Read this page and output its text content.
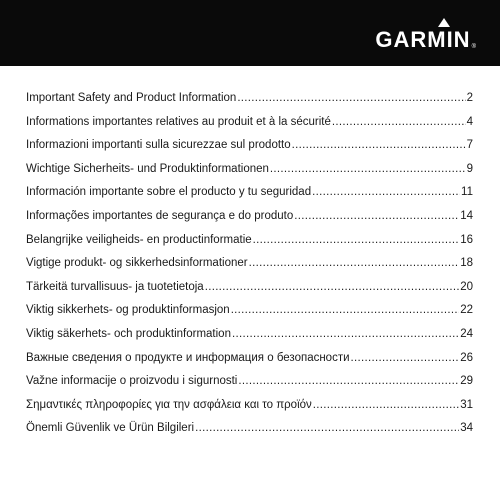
GARMIN ®
Important Safety and Product Information .....	2
Informations importantes relatives au produit et à la sécurité .....	4
Informazioni importanti sulla sicurezzae sul prodotto .....	7
Wichtige Sicherheits- und Produktinformationen .....	9
Información importante sobre el producto y tu seguridad .....	11
Informações importantes de segurança e do produto .....	14
Belangrijke veiligheids- en productinformatie .....	16
Vigtige produkt- og sikkerhedsinformationer .....	18
Tärkeitä turvallisuus- ja tuotetietoja .....	20
Viktig sikkerhets- og produktinformasjon .....	22
Viktig säkerhets- och produktinformation .....	24
Важные сведения о продукте и информация о безопасности .....	26
Važne informacije o proizvodu i sigurnosti .....	29
Σημαντικές πληροφορίες για την ασφάλεια και το προϊόν .....	31
Önemli Güvenlik ve Ürün Bilgileri .....	34
